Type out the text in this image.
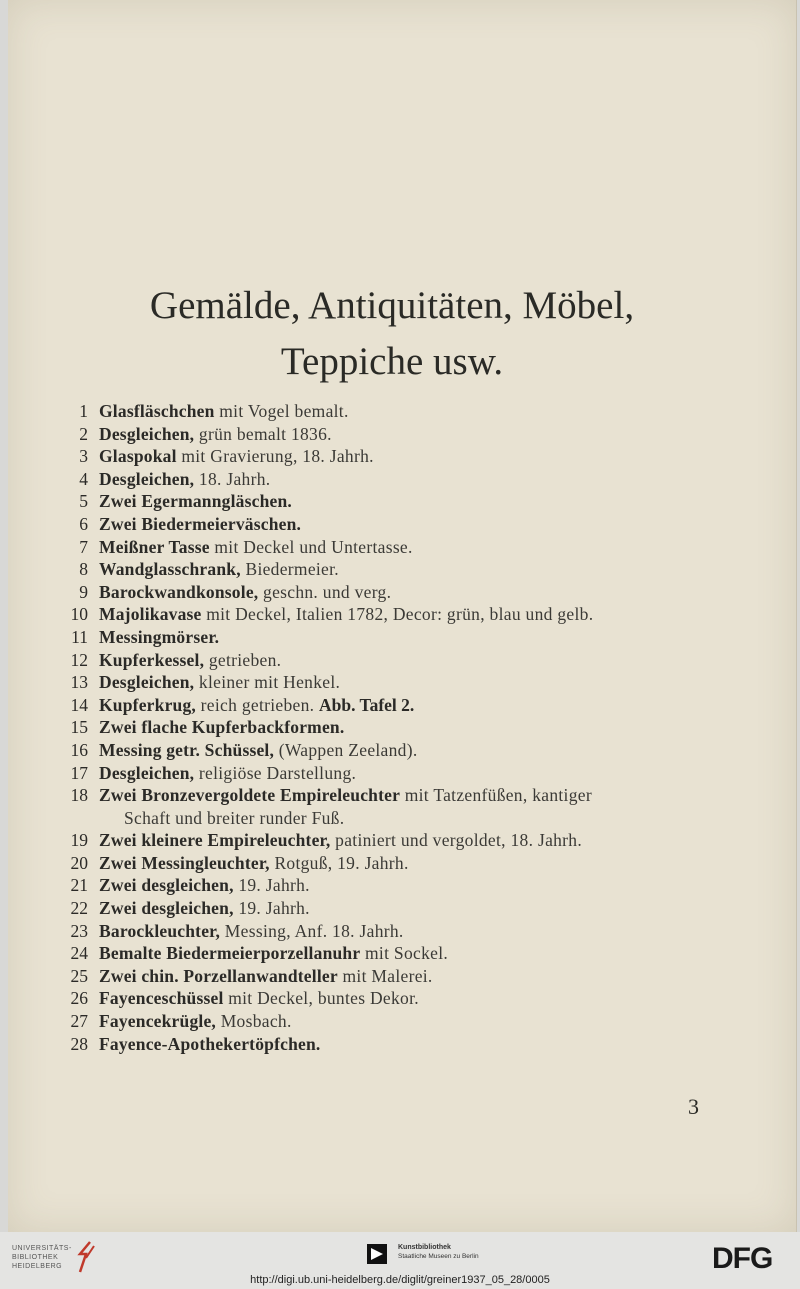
Gemälde, Antiquitäten, Möbel,
Teppiche usw.
1 Glasfläschchen mit Vogel bemalt.
2 Desgleichen, grün bemalt 1836.
3 Glaspokal mit Gravierung, 18. Jahrh.
4 Desgleichen, 18. Jahrh.
5 Zwei Egermanngläschen.
6 Zwei Biedermeierväschen.
7 Meißner Tasse mit Deckel und Untertasse.
8 Wandglasschrank, Biedermeier.
9 Barockwandkonsole, geschn. und verg.
10 Majolikavase mit Deckel, Italien 1782, Decor: grün, blau und gelb.
11 Messingmörser.
12 Kupferkessel, getrieben.
13 Desgleichen, kleiner mit Henkel.
14 Kupferkrug, reich getrieben. Abb. Tafel 2.
15 Zwei flache Kupferbackformen.
16 Messing getr. Schüssel, (Wappen Zeeland).
17 Desgleichen, religiöse Darstellung.
18 Zwei Bronzevergoldete Empireleuchter mit Tatzenfüßen, kantiger
Schaft und breiter runder Fuß.
19 Zwei kleinere Empireleuchter, patiniert und vergoldet, 18. Jahrh.
20 Zwei Messingleuchter, Rotguß, 19. Jahrh.
21 Zwei desgleichen, 19. Jahrh.
22 Zwei desgleichen, 19. Jahrh.
23 Barockleuchter, Messing, Anf. 18. Jahrh.
24 Bemalte Biedermeierporzellanuhr mit Sockel.
25 Zwei chin. Porzellanwandteller mit Malerei.
26 Fayenceschüssel mit Deckel, buntes Dekor.
27 Fayencekrügle, Mosbach.
28 Fayence-Apothekertöpfchen.
3
UNIVERSITÄTS-
BIBLIOTHEK
HEIDELBERG
Kunstbibliothek
Staatliche Museen zu Berlin	DFG
http://digi.ub.uni-heidelberg.de/diglit/greiner1937_05_28/0005
